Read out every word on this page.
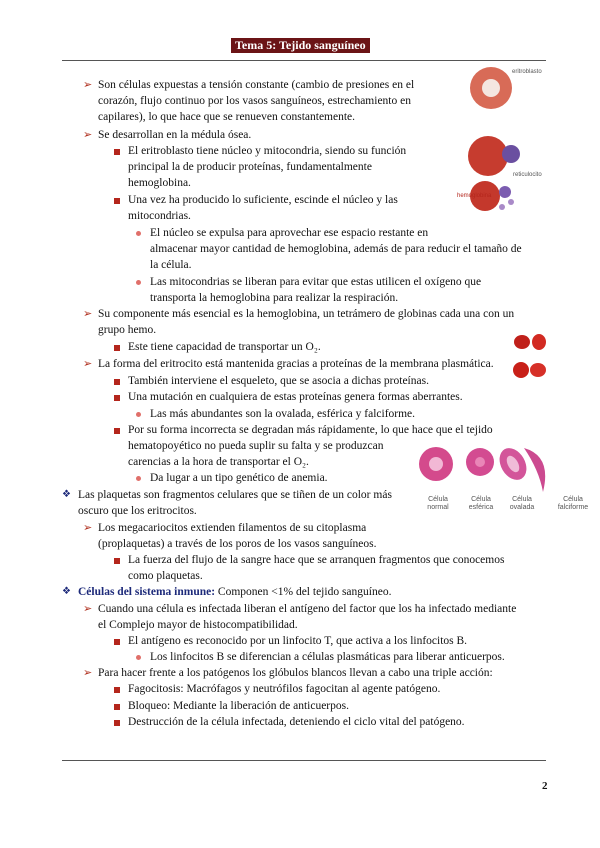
Tema 5: Tejido sanguíneo
➢ Son células expuestas a tensión constante (cambio de presiones en el
corazón, flujo continuo por los vasos sanguíneos, estrechamiento en
capilares), lo que hace que se renueven constantemente.
➢ Se desarrollan en la médula ósea.
El eritroblasto tiene núcleo y mitocondria, siendo su función
principal la de producir proteínas, fundamentalmente
hemoglobina.
Una vez ha producido lo suficiente, escinde el núcleo y las
mitocondrias.
El núcleo se expulsa para aprovechar ese espacio restante en
almacenar mayor cantidad de hemoglobina, además de para reducir el tamaño de
la célula.
Las mitocondrias se liberan para evitar que estas utilicen el oxígeno que
transporta la hemoglobina para realizar la respiración.
➢ Su componente más esencial es la hemoglobina, un tetrámero de globinas cada una con un
grupo hemo.
Este tiene capacidad de transportar un O₂.
➢ La forma del eritrocito está mantenida gracias a proteínas de la membrana plasmática.
También interviene el esqueleto, que se asocia a dichas proteínas.
Una mutación en cualquiera de estas proteínas genera formas aberrantes.
Las más abundantes son la ovalada, esférica y falciforme.
Por su forma incorrecta se degradan más rápidamente, lo que hace que el tejido
hematopoyético no pueda suplir su falta y se produzcan
carencias a la hora de transportar el O₂.
Da lugar a un tipo genético de anemia.
❖ Las plaquetas son fragmentos celulares que se tiñen de un color más
oscuro que los eritrocitos.
➢ Los megacariocitos extienden filamentos de su citoplasma
(proplaquetas) a través de los poros de los vasos sanguíneos.
La fuerza del flujo de la sangre hace que se arranquen fragmentos que conocemos
como plaquetas.
❖ Células del sistema inmune: Componen <1% del tejido sanguíneo.
➢ Cuando una célula es infectada liberan el antígeno del factor que los ha infectado mediante
el Complejo mayor de histocompatibilidad.
El antígeno es reconocido por un linfocito T, que activa a los linfocitos B.
Los linfocitos B se diferencian a células plasmáticas para liberar anticuerpos.
➢ Para hacer frente a los patógenos los glóbulos blancos llevan a cabo una triple acción:
Fagocitosis: Macrófagos y neutrófilos fagocitan al agente patógeno.
Bloqueo: Mediante la liberación de anticuerpos.
Destrucción de la célula infectada, deteniendo el ciclo vital del patógeno.
eritroblasto
hemoglobina
reticulocito
Célula normal
Célula esférica
Célula ovalada
Célula falciforme
2
